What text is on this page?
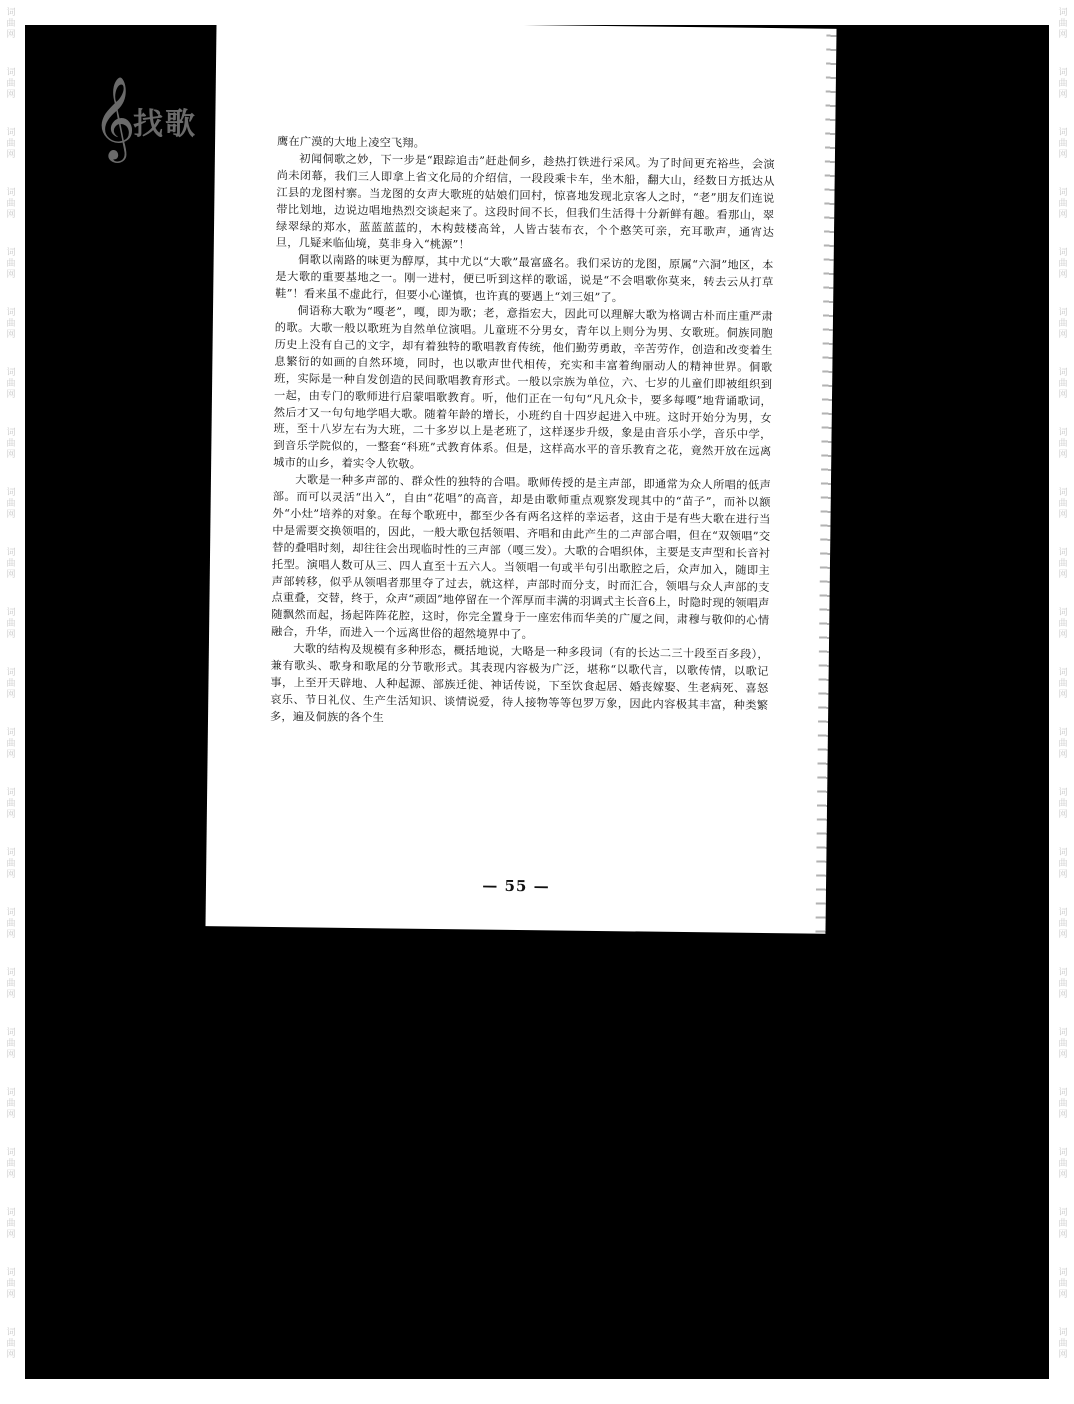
词
曲
网
词
曲
网
词
曲
网
词
曲
网
词
曲
网
词
曲
网
词
曲
网
词
曲
网
词
曲
网
词
曲
网
词
曲
网
词
曲
网
词
曲
网
词
曲
网
词
曲
网
词
曲
网
词
曲
网
词
曲
网
词
曲
网
词
曲
网
词
曲
网
词
曲
网
词
曲
网
词
曲
网
词
曲
网
词
曲
网
词
曲
网
词
曲
网
词
曲
网
词
曲
网
词
曲
网
词
曲
网
词
曲
网
词
曲
网
词
曲
网
词
曲
网
词
曲
网
词
曲
网
词
曲
网
词
曲
网
词
曲
网
词
曲
网
词
曲
网
词
曲
网
词
曲
网
词
曲
网
𝄞
找歌

鹰在广漠的大地上凌空飞翔。

初闻侗歌之妙，下一步是“跟踪追击”赶赴侗乡，趁热打铁进行采风。为了时间更充裕些，会演尚未闭幕，我们三人即拿上省文化局的介绍信，一段段乘卡车，坐木船，翻大山，经数日方抵达从江县的龙图村寨。当龙图的女声大歌班的姑娘们回村，惊喜地发现北京客人之时，“老”朋友们连说带比划地，边说边唱地热烈交谈起来了。这段时间不长，但我们生活得十分新鲜有趣。看那山，翠绿翠绿的郑水，蓝蓝蓝蓝的，木构鼓楼高耸，人皆古装布衣，个个憨笑可亲，充耳歌声，通宵达旦，几疑来临仙境，莫非身入“桃源”！

侗歌以南路的味更为醇厚，其中尤以“大歌”最富盛名。我们采访的龙图，原属“六洞”地区，本是大歌的重要基地之一。刚一进村，便已听到这样的歌谣，说是“不会唱歌你莫来，转去云从打草鞋”！看来虽不虚此行，但要小心谨慎，也许真的要遇上“刘三姐”了。

侗语称大歌为“嘎老”，嘎，即为歌；老，意指宏大，因此可以理解大歌为格调古朴而庄重严肃的歌。大歌一般以歌班为自然单位演唱。儿童班不分男女，青年以上则分为男、女歌班。侗族同胞历史上没有自己的文字，却有着独特的歌唱教育传统，他们勤劳勇敢，辛苦劳作，创造和改变着生息繁衍的如画的自然环境，同时，也以歌声世代相传，充实和丰富着绚丽动人的精神世界。侗歌班，实际是一种自发创造的民间歌唱教育形式。一般以宗族为单位，六、七岁的儿童们即被组织到一起，由专门的歌师进行启蒙唱歌教育。听，他们正在一句句“凡凡众卡，要多每嘎”地背诵歌词，然后才又一句句地学唱大歌。随着年龄的增长，小班约自十四岁起进入中班。这时开始分为男，女班，至十八岁左右为大班，二十多岁以上是老班了，这样逐步升级，象是由音乐小学，音乐中学，到音乐学院似的，一整套“科班”式教育体系。但是，这样高水平的音乐教育之花，竟然开放在远离城市的山乡，着实令人钦敬。

大歌是一种多声部的、群众性的独特的合唱。歌师传授的是主声部，即通常为众人所唱的低声部。而可以灵活“出入”，自由“花唱”的高音，却是由歌师重点观察发现其中的“苗子”，而补以额外“小灶”培养的对象。在每个歌班中，都至少各有两名这样的幸运者，这由于是有些大歌在进行当中是需要交换领唱的，因此，一般大歌包括领唱、齐唱和由此产生的二声部合唱，但在“双领唱”交替的叠唱时刻，却往往会出现临时性的三声部（嘎三发）。大歌的合唱织体，主要是支声型和长音衬托型。演唱人数可从三、四人直至十五六人。当领唱一句或半句引出歌腔之后，众声加入，随即主声部转移，似乎从领唱者那里夺了过去，就这样，声部时而分支，时而汇合，领唱与众人声部的支点重叠，交替，终于，众声“顽固”地停留在一个浑厚而丰满的羽调式主长音6上，时隐时现的领唱声随飘然而起，扬起阵阵花腔，这时，你完全置身于一座宏伟而华美的广厦之间，肃穆与敬仰的心情融合，升华，而进入一个远离世俗的超然境界中了。

大歌的结构及规模有多种形态，概括地说，大略是一种多段词（有的长达二三十段至百多段），兼有歌头、歌身和歌尾的分节歌形式。其表现内容极为广泛，堪称“以歌代言，以歌传情，以歌记事，上至开天辟地、人种起源、部族迁徙、神话传说，下至饮食起居、婚丧嫁娶、生老病死、喜怒哀乐、节日礼仪、生产生活知识、谈情说爱，待人接物等等包罗万象，因此内容极其丰富，种类繁多，遍及侗族的各个生

— 55 —
